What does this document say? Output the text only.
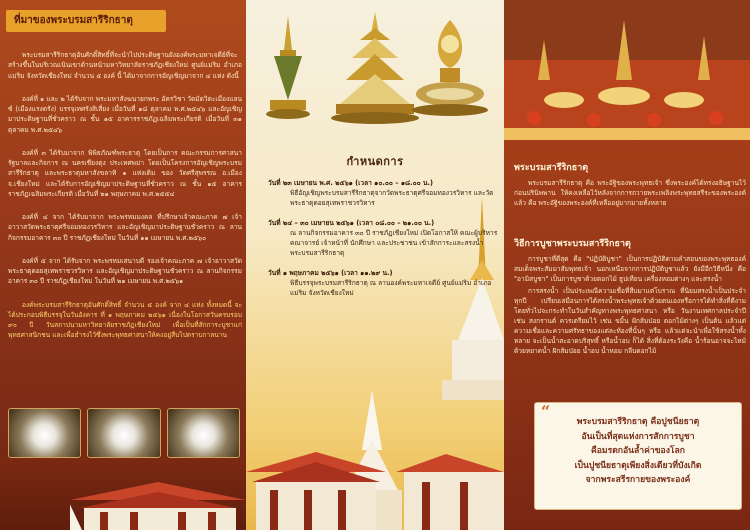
ที่มาของพระบรมสารีริกธาตุ

พระบรมสารีริกธาตุอันศักดิ์สิทธิ์ที่จะนำไปประดิษฐานยังองค์พระมหาเจดีย์ที่จะสร้างขึ้นในบริเวณเนินเขาด้านหน้ามหาวิทยาลัยราชภัฏเชียงใหม่ ศูนย์แม่ริม อำเภอแม่ริม จังหวัดเชียงใหม่ จำนวน ๕ องค์ นี้ ได้มาจากการอัญเชิญมาจาก ๔ แห่ง ดังนี้

องค์ที่ ๑ และ ๒ ได้รับจาก พระมหาสังฆนายกพระ อัครวิชา วัดมัดวิตะเมืองแลนซ์ (เมืองแรงตรัง) บรรจุเทศรังสิเสี่ยง เมื่อวันที่ ๑๘ ตุลาคม พ.ศ.๒๕๔๖ และอัญเชิญมาประดิษฐานที่ชั่วคราว ณ ชั้น ๑๕ อาคารราชภัฏเฉลิมพระเกียรติ เมื่อวันที่ ๓๑ ตุลาคม พ.ศ.๒๕๔๖

องค์ที่ ๓ ได้รับมาจาก พิพิธภัณฑ์พระธาตุ โดยเป็นการ คณะกรรมการศาสนา รัฐบาลและกิจการ ณ นครเชียงตุง ประเทศพม่า โดยเป็นโครงการอัญเชิญพระบรมสารีริกธาตุ และพระธาตุมหาสังขลาทิ ๑ แห่งเดิม ของ วัดศรีสุพรรณ อ.เมือง จ.เชียงใหม่ และได้รับการอัญเชิญมาประดิษฐานที่ชั่วคราว ณ ชั้น ๑๕ อาคารราชภัฏเฉลิมพระเกียรติ เมื่อวันที่ ๒๑ พฤษภาคม พ.ศ.๒๕๕๔

องค์ที่ ๔ จาก ได้รับมาจาก พระพรหมมงคล ที่ปรึกษาเจ้าคณะภาค ๗ เจ้าอาวาสวัดพระธาตุศรีจอมทองวรวิหาร และอัญเชิญมาประดิษฐานชั่วคราว ณ ลานกิจกรรมอาคาร ๓๐ ปี ราชภัฏเชียงใหม่ ในวันที่ ๑๑ เมษายน พ.ศ.๒๕๖๐

องค์ที่ ๕ จาก ได้รับจาก พระพรหมเสนาบดี รองเจ้าคณะภาค ๗ เจ้าอาวาสวัดพระธาตุดอยสุเทพราชวรวิหาร และอัญเชิญมาประดิษฐานชั่วคราว ณ ลานกิจกรรมอาคาร ๓๐ ปี ราชภัฏเชียงใหม่ ในวันที่ ๒๑ เมษายน พ.ศ.๒๕๖๑

องค์พระบรมสารีริกธาตุอันศักดิ์สิทธิ์ จำนวน ๕ องค์ จาก ๔ แห่ง ทั้งหมดนี้ จะได้ประกอบพิธีบรรจุในวันอังคาร ที่ ๑ พฤษภาคม ๒๕๖๑ เนื่องในโอกาสวันครบรอบ ๙๐ ปี วันสถาปนามหาวิทยาลัยราชภัฏเชียงใหม่ เพื่อเป็นที่สักการะบูชาแก่พุทธศาสนิกชน และเพื่อธำรงไว้ซึ่งพระพุทธศาสนาให้คงอยู่สืบไปตราบกาลนาน

กำหนดการ
วันที่ ๒๓ เมษายน พ.ศ. ๒๕๖๑ (เวลา ๑๐.๐๐ – ๑๘.๐๐ น.)
พิธีอัญเชิญพระบรมสารีริกธาตุจากวัดพระธาตุศรีจอมทองวรวิหาร และวัดพระธาตุดอยสุเทพราชวรวิหาร
วันที่ ๒๔ – ๓๐ เมษายน ๒๕๖๑ (เวลา ๐๘.๐๐ – ๒๑.๐๐ น.)
ณ ลานกิจกรรมอาคาร ๓๐ ปี ราชภัฏเชียงใหม่ เปิดโอกาสให้ คณะผู้บริหาร คณาจารย์ เจ้าหน้าที่ นักศึกษา และประชาชน เข้าสักการะและสรงน้ำพระบรมสารีริกธาตุ
วันที่ ๑ พฤษภาคม ๒๕๖๑ (เวลา ๑๑.๒๙ น.)
พิธีบรรจุพระบรมสารีริกธาตุ ณ ลานองค์พระมหาเจดีย์ ศูนย์แม่ริม อำเภอแม่ริม จังหวัดเชียงใหม่
พระบรมสารีริกธาตุ
พระบรมสารีริกธาตุ คือ พระอัฐิของพระพุทธเจ้า ซึ่งพระองค์ได้ทรงอธิษฐานไว้ก่อนปรินิพพาน ให้คงเหลือไว้หลังจากการถวายพระเพลิงพระพุทธสรีระของพระองค์แล้ว คือ พระอัฐิของพระองค์ที่เหลืออยู่มากมายทั้งหลาย
วิธีการบูชาพระบรมสารีริกธาตุ

การบูชาที่ดีสุด คือ "ปฏิบัติบูชา" เป็นการปฏิบัติตามคำสอนของพระพุทธองค์ สมเด็จพระสัมมาสัมพุทธเจ้า นอกเหนือจากการปฏิบัติบูชาแล้ว ยังมีอีกวิธีหนึ่ง คือ "อามิสบูชา" เป็นการบูชาด้วยดอกไม้ ธูปเทียน เครื่องหอมต่างๆ และสรงน้ำ

การสรงน้ำ เป็นประเพณีความเชื่อที่สืบมาแต่โบราณ ที่นิยมสรงน้ำเป็นประจำทุกปี เปรียบเสมือนการได้สรงน้ำพระพุทธเจ้าด้วยตนเองหรือการได้ทำสิ่งที่ดีงาม โดยทั่วไปจะกระทำในวันสำคัญทางพระพุทธศาสนา หรือ วันงานเทศกาลประจำปี เช่น สงกรานต์ ควรเตรียมไว้ เช่น ขมิ้น ฝักส้มป่อย ดอกไม้ต่างๆ เป็นต้น แล้วแต่ความเชื่อและความศรัทธาของแต่ละท้องที่นั้นๆ หรือ แล้วแต่จะนำเพื่อใช้สรงน้ำทั้งหลาย จะเป็นน้ำสะอาดบริสุทธิ์ หรือน้ำอบ ก็ได้ สิ่งที่ต้องระวังคือ น้ำร้อนอาจจะไหม้ ด้วยหยาดน้ำ ฝักส้มป่อย น้ำอบ น้ำหอม กลีบดอกไม้

“
พระบรมสารีริกธาตุ คือปูชนียธาตุ
อันเป็นที่สุดแห่งการสักการบูชา
คือมรดกอันล้ำค่าของโลก
เป็นปูชนียธาตุเพียงสิ่งเดียวที่บังเกิด
จากพระสรีรกายของพระองค์
